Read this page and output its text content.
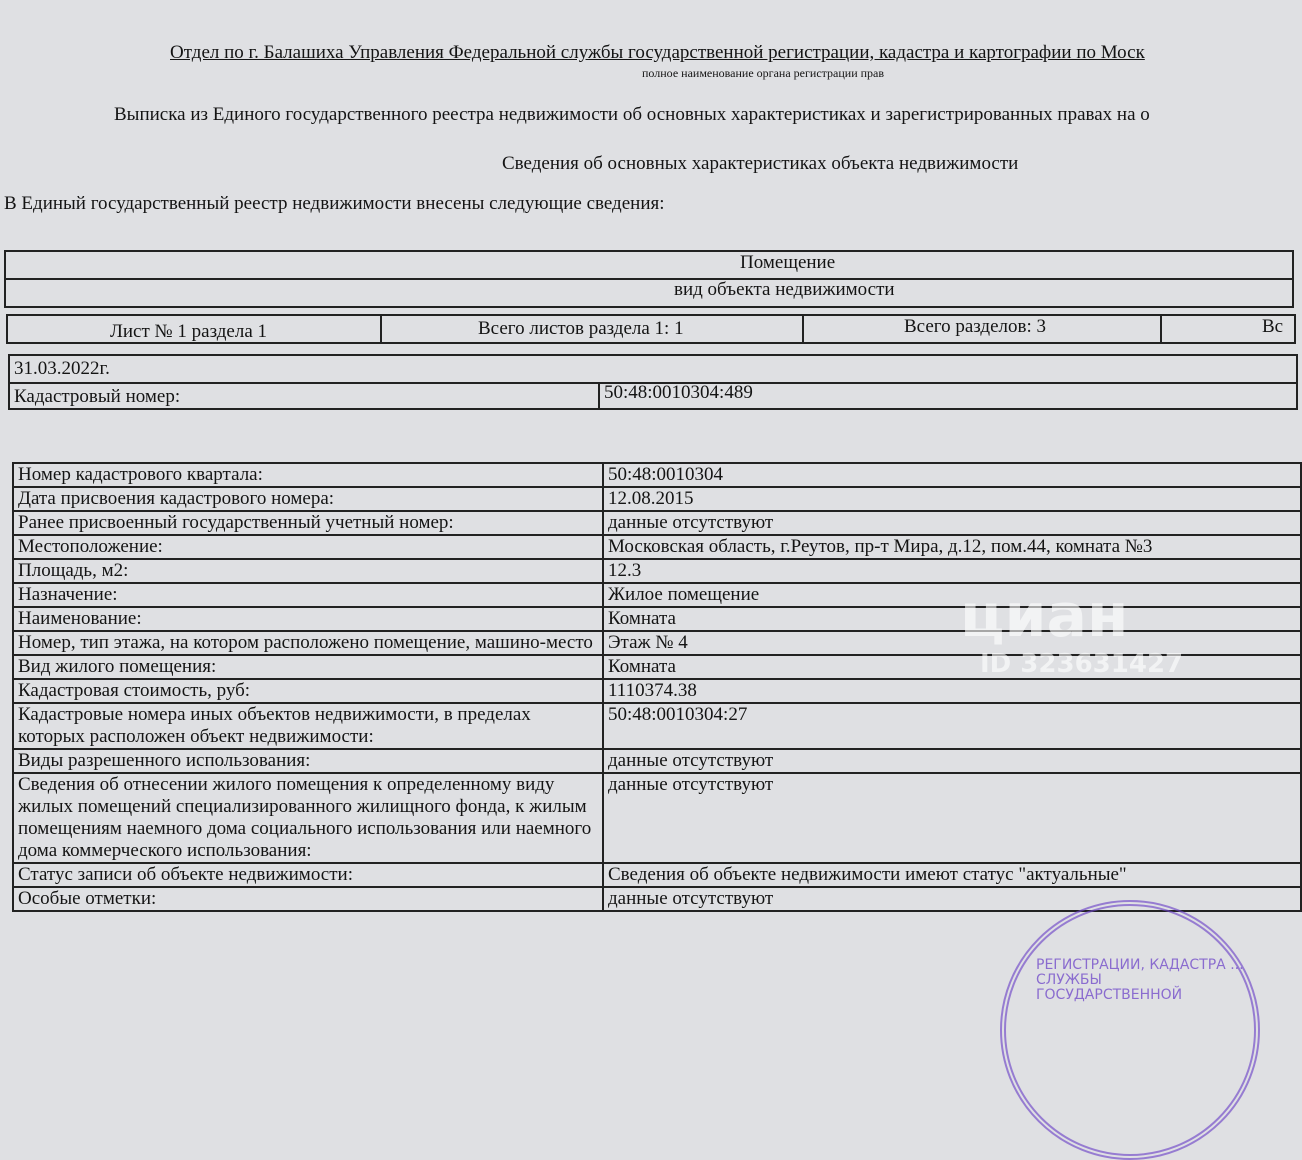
Отдел по г. Балашиха Управления Федеральной службы государственной регистрации, кадастра и картографии по Моск
полное наименование органа регистрации прав
Выписка из Единого государственного реестра недвижимости об основных характеристиках и зарегистрированных правах на о
Сведения об основных характеристиках объекта недвижимости
В Единый государственный реестр недвижимости внесены следующие сведения:
Помещение
вид объекта недвижимости
Лист № 1 раздела 1	Всего листов раздела 1: 1	Всего разделов: 3	Вс
31.03.2022г.
Кадастровый номер:	50:48:0010304:489
Номер кадастрового квартала:	50:48:0010304
Дата присвоения кадастрового номера:	12.08.2015
Ранее присвоенный государственный учетный номер:	данные отсутствуют
Местоположение:	Московская область, г.Реутов, пр-т Мира, д.12, пом.44, комната №3
Площадь, м2:	12.3
Назначение:	Жилое помещение
Наименование:	Комната
Номер, тип этажа, на котором расположено помещение, машино-место	Этаж № 4
Вид жилого помещения:	Комната
Кадастровая стоимость, руб:	1110374.38
Кадастровые номера иных объектов недвижимости, в пределах которых расположен объект недвижимости:	50:48:0010304:27
Виды разрешенного использования:	данные отсутствуют
Сведения об отнесении жилого помещения к определенному виду жилых помещений специализированного жилищного фонда, к жилым помещениям наемного дома социального использования или наемного дома коммерческого использования:	данные отсутствуют
Статус записи об объекте недвижимости:	Сведения об объекте недвижимости имеют статус "актуальные"
Особые отметки:	данные отсутствуют
РЕГИСТРАЦИИ, КАДАСТРА ... СЛУЖБЫ ГОСУДАРСТВЕННОЙ
циан
ID 323631427
